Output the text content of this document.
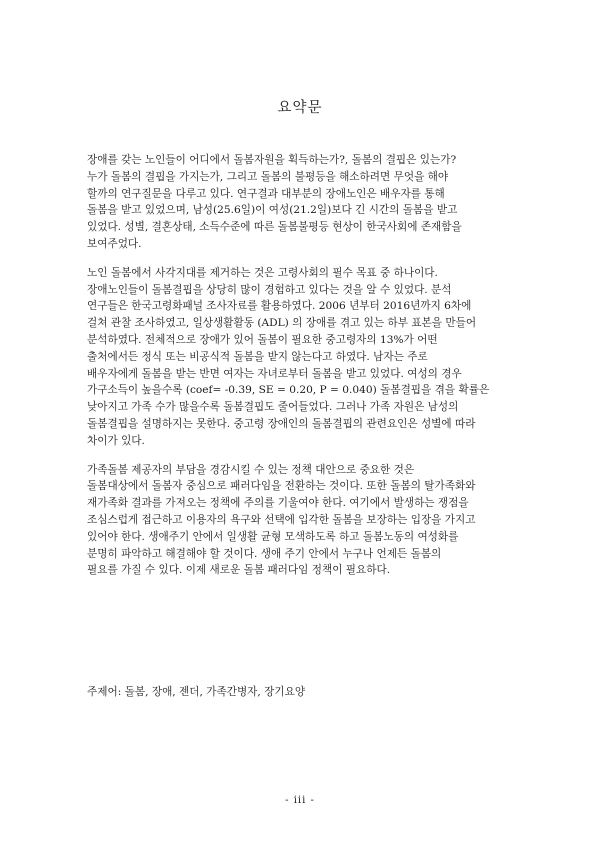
요약문

장애를 갖는 노인들이 어디에서 돌봄자원을 획득하는가?, 돌봄의 결핍은 있는가?
누가 돌봄의 결핍을 가지는가, 그리고 돌봄의 불평등을 해소하려면 무엇을 해야
할까의 연구질문을 다루고 있다. 연구결과 대부분의 장애노인은 배우자를 통해
돌봄을 받고 있었으며, 남성(25.6일)이 여성(21.2일)보다 긴 시간의 돌봄을 받고
있었다. 성별, 결혼상태, 소득수준에 따른 돌봄불평등 현상이 한국사회에 존재함을
보여주었다.

노인 돌봄에서 사각지대를 제거하는 것은 고령사회의 필수 목표 중 하나이다.
장애노인들이 돌봄결핍을 상당히 많이 경험하고 있다는 것을 알 수 있었다. 분석
연구들은 한국고령화패널 조사자료를 활용하였다. 2006 년부터 2016년까지 6차에
걸쳐 관찰 조사하였고, 일상생활활동 (ADL) 의 장애를 겪고 있는 하부 표본을 만들어
분석하였다. 전체적으로 장애가 있어 돌봄이 필요한 중고령자의 13%가 어떤
출처에서든 정식 또는 비공식적 돌봄을 받지 않는다고 하였다. 남자는 주로
배우자에게 돌봄을 받는 반면 여자는 자녀로부터 돌봄을 받고 있었다. 여성의 경우
가구소득이 높을수록 (coef= -0.39, SE = 0.20, P = 0.040) 돌봄결핍을 겪을 확률은
낮아지고 가족 수가 많을수록 돌봄결핍도 줄어들었다. 그러나 가족 자원은 남성의
돌봄결핍을 설명하지는 못한다. 중고령 장애인의 돌봄결핍의 관련요인은 성별에 따라
차이가 있다.

가족돌봄 제공자의 부담을 경감시킬 수 있는 정책 대안으로 중요한 것은
돌봄대상에서 돌봄자 중심으로 패러다임을 전환하는 것이다. 또한 돌봄의 탈가족화와
재가족화 결과를 가져오는 정책에 주의를 기울여야 한다. 여기에서 발생하는 쟁점을
조심스럽게 접근하고 이용자의 욕구와 선택에 입각한 돌봄을 보장하는 입장을 가지고
있어야 한다. 생애주기 안에서 일생활 균형 모색하도록 하고 돌봄노동의 여성화를
분명히 파악하고 해결해야 할 것이다. 생애 주기 안에서 누구나 언제든 돌봄의
필요를 가질 수 있다. 이제 새로운 돌봄 패러다임 정책이 필요하다.

주제어: 돌봄, 장애, 젠더, 가족간병자, 장기요양
- iii -
